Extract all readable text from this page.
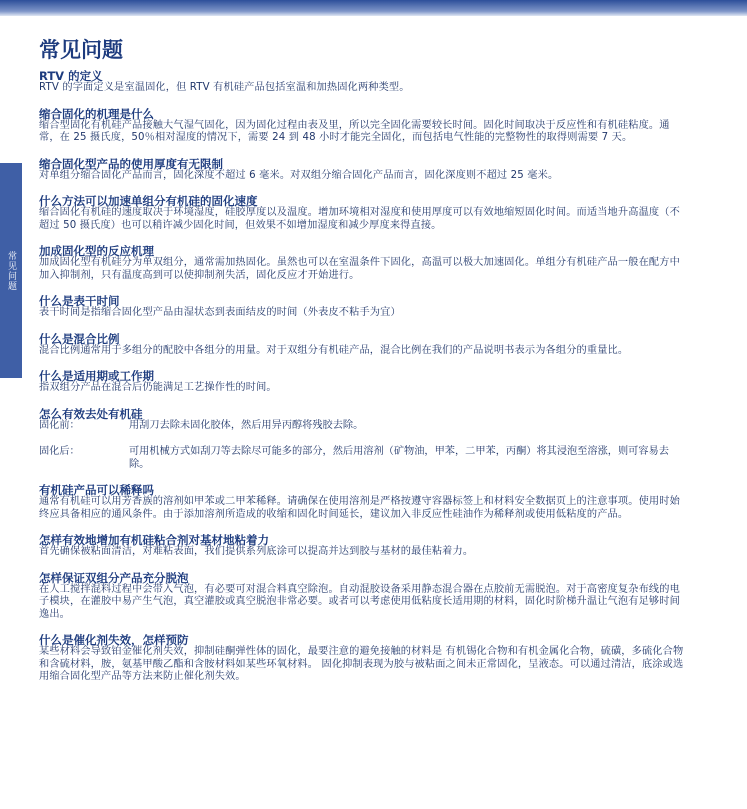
常见问题
常见问题

RTV 的定义

RTV 的字面定义是室温固化，但 RTV 有机硅产品包括室温和加热固化两种类型。

缩合固化的机理是什么

缩合型固化有机硅产品接触大气湿气固化，因为固化过程由表及里，所以完全固化需要较长时间。固化时间取决于反应性和有机硅粘度。通常，在 25 摄氏度，50％相对湿度的情况下，需要 24 到 48 小时才能完全固化，而包括电气性能的完整物性的取得则需要 7 天。

缩合固化型产品的使用厚度有无限制

对单组分缩合固化产品而言，固化深度不超过 6 毫米。对双组分缩合固化产品而言，固化深度则不超过 25 毫米。

什么方法可以加速单组分有机硅的固化速度

缩合固化有机硅的速度取决于环境湿度，硅胶厚度以及温度。增加环境相对湿度和使用厚度可以有效地缩短固化时间。而适当地升高温度（不超过 50 摄氏度）也可以稍许减少固化时间，但效果不如增加湿度和减少厚度来得直接。

加成固化型的反应机理

加成固化型有机硅分为单双组分，通常需加热固化。虽然也可以在室温条件下固化，高温可以极大加速固化。单组分有机硅产品一般在配方中加入抑制剂，只有温度高到可以使抑制剂失活，固化反应才开始进行。

什么是表干时间

表干时间是指缩合固化型产品由湿状态到表面结皮的时间（外表皮不粘手为宜）

什么是混合比例

混合比例通常用于多组分的配胶中各组分的用量。对于双组分有机硅产品，混合比例在我们的产品说明书表示为各组分的重量比。

什么是适用期或工作期

指双组分产品在混合后仍能满足工艺操作性的时间。

怎么有效去处有机硅

固化前：	用刮刀去除未固化胶体，然后用异丙醇将残胶去除。
固化后：	可用机械方式如刮刀等去除尽可能多的部分，然后用溶剂（矿物油，甲苯，二甲苯，丙酮）将其浸泡至溶涨，则可容易去除。

有机硅产品可以稀释吗

通常有机硅可以用芳香族的溶剂如甲苯或二甲苯稀释。请确保在使用溶剂是严格按遵守容器标签上和材料安全数据页上的注意事项。使用时始终应具备相应的通风条件。由于添加溶剂所造成的收缩和固化时间延长，建议加入非反应性硅油作为稀释剂或使用低粘度的产品。

怎样有效地增加有机硅粘合剂对基材地粘着力

首先确保被粘面清洁，对难粘表面，我们提供系列底涂可以提高并达到胶与基材的最佳粘着力。

怎样保证双组分产品充分脱泡

在人工搅拌混料过程中会带入气泡，有必要可对混合料真空除泡。自动混胶设备采用静态混合器在点胶前无需脱泡。对于高密度复杂布线的电子模块，在灌胶中易产生气泡，真空灌胶或真空脱泡非常必要。或者可以考虑使用低粘度长适用期的材料，固化时阶梯升温让气泡有足够时间逸出。

什么是催化剂失效，怎样预防

某些材料会导致铂金催化剂失效，抑制硅酮弹性体的固化，最要注意的避免接触的材料是 有机锡化合物和有机金属化合物，硫磺，多硫化合物和含硫材料，胺，氨基甲酸乙酯和含胺材料如某些环氧材料。 固化抑制表现为胶与被粘面之间未正常固化，呈液态。可以通过清洁，底涂或选用缩合固化型产品等方法来防止催化剂失效。
